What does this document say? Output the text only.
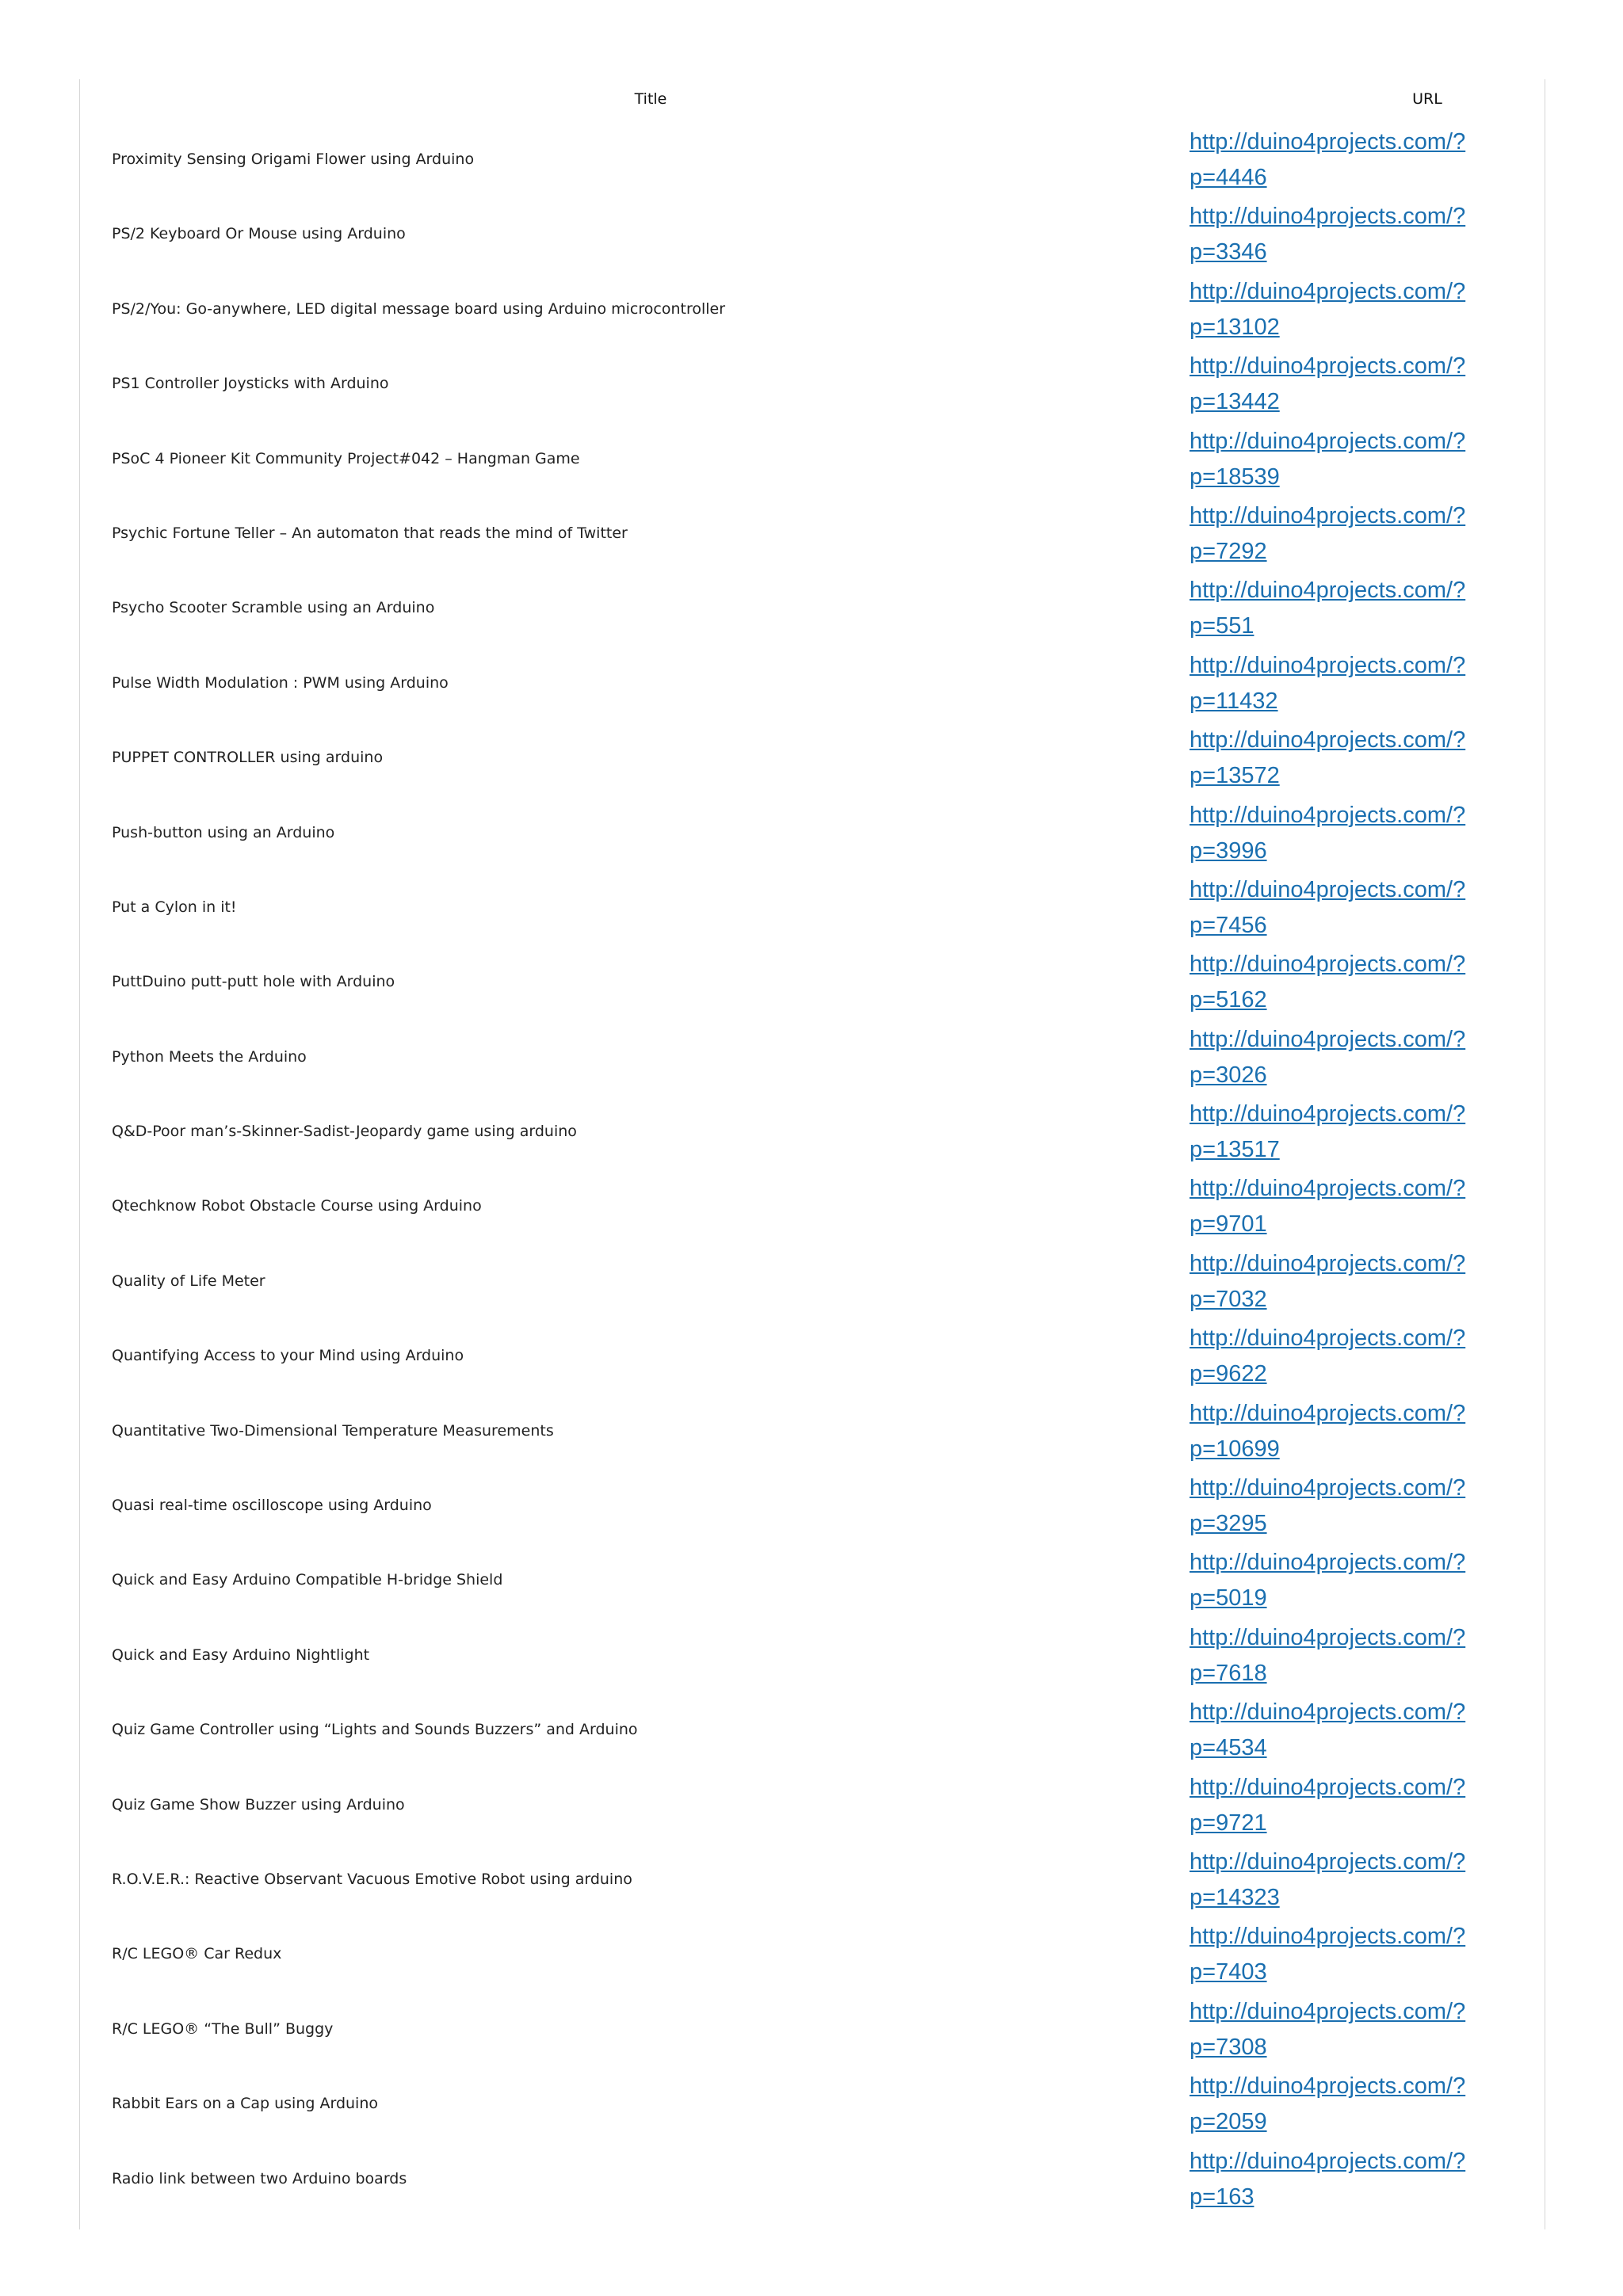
Title	URL
Proximity Sensing Origami Flower using Arduino
http://duino4projects.com/?
p=4446
PS/2 Keyboard Or Mouse using Arduino
http://duino4projects.com/?
p=3346
PS/2/You: Go-anywhere, LED digital message board using Arduino microcontroller
http://duino4projects.com/?
p=13102
PS1 Controller Joysticks with Arduino
http://duino4projects.com/?
p=13442
PSoC 4 Pioneer Kit Community Project#042 – Hangman Game
http://duino4projects.com/?
p=18539
Psychic Fortune Teller – An automaton that reads the mind of Twitter
http://duino4projects.com/?
p=7292
Psycho Scooter Scramble using an Arduino
http://duino4projects.com/?
p=551
Pulse Width Modulation : PWM using Arduino
http://duino4projects.com/?
p=11432
PUPPET CONTROLLER using arduino
http://duino4projects.com/?
p=13572
Push-button using an Arduino
http://duino4projects.com/?
p=3996
Put a Cylon in it!
http://duino4projects.com/?
p=7456
PuttDuino putt-putt hole with Arduino
http://duino4projects.com/?
p=5162
Python Meets the Arduino
http://duino4projects.com/?
p=3026
Q&D-Poor man’s-Skinner-Sadist-Jeopardy game using arduino
http://duino4projects.com/?
p=13517
Qtechknow Robot Obstacle Course using Arduino
http://duino4projects.com/?
p=9701
Quality of Life Meter
http://duino4projects.com/?
p=7032
Quantifying Access to your Mind using Arduino
http://duino4projects.com/?
p=9622
Quantitative Two-Dimensional Temperature Measurements
http://duino4projects.com/?
p=10699
Quasi real-time oscilloscope using Arduino
http://duino4projects.com/?
p=3295
Quick and Easy Arduino Compatible H-bridge Shield
http://duino4projects.com/?
p=5019
Quick and Easy Arduino Nightlight
http://duino4projects.com/?
p=7618
Quiz Game Controller using “Lights and Sounds Buzzers” and Arduino
http://duino4projects.com/?
p=4534
Quiz Game Show Buzzer using Arduino
http://duino4projects.com/?
p=9721
R.O.V.E.R.: Reactive Observant Vacuous Emotive Robot using arduino
http://duino4projects.com/?
p=14323
R/C LEGO® Car Redux
http://duino4projects.com/?
p=7403
R/C LEGO® “The Bull” Buggy
http://duino4projects.com/?
p=7308
Rabbit Ears on a Cap using Arduino
http://duino4projects.com/?
p=2059
Radio link between two Arduino boards
http://duino4projects.com/?
p=163
